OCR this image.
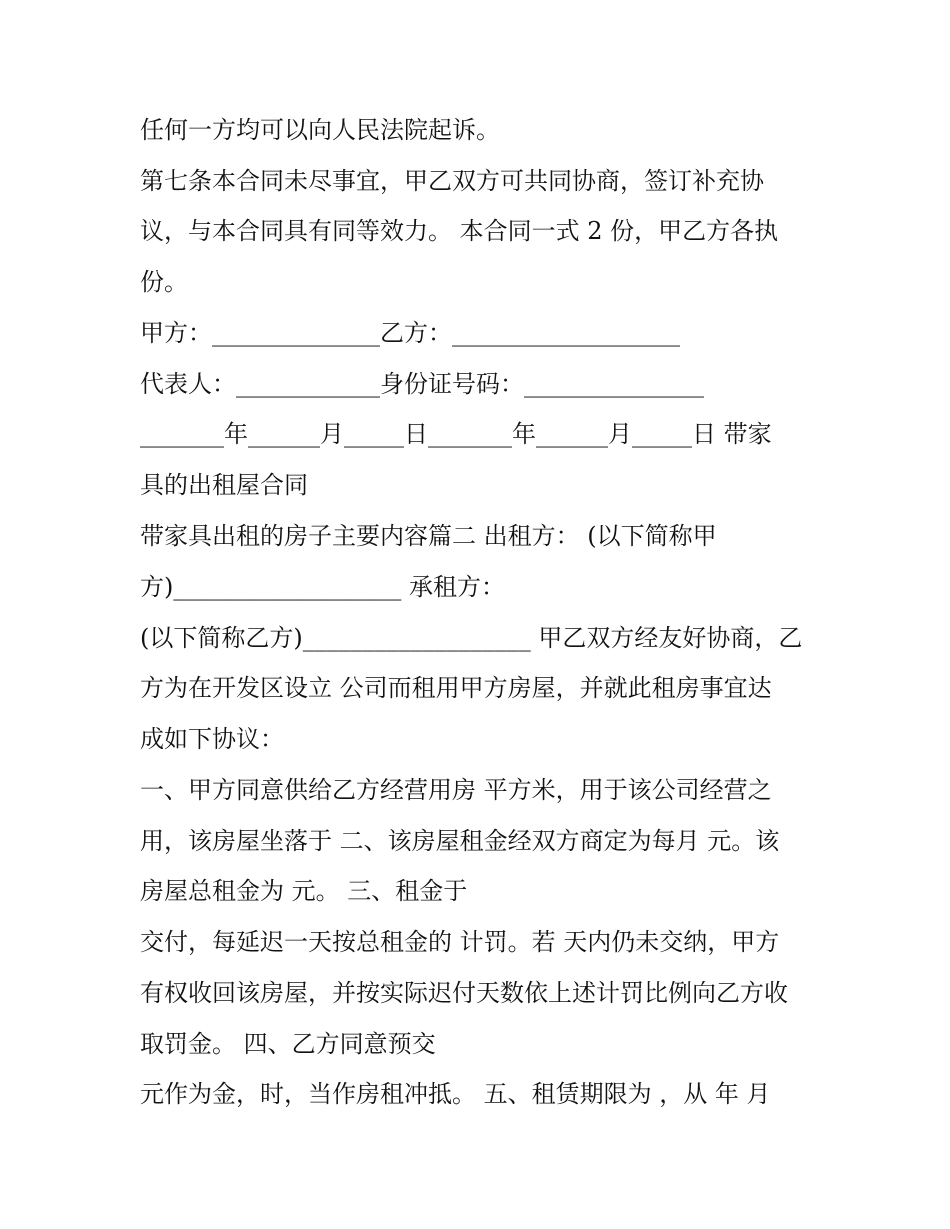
任何一方均可以向人民法院起诉。
第七条本合同未尽事宜，甲乙双方可共同协商，签订补充协
议，与本合同具有同等效力。 本合同一式 2 份，甲乙方各执
份。
甲方：______________乙方：___________________
代表人：____________身份证号码：_______________
_______年______月_____日_______年______月_____日 带家
具的出租屋合同
带家具出租的房子主要内容篇二 出租方： (以下简称甲
方)___________________ 承租方：
(以下简称乙方)___________________ 甲乙双方经友好协商，乙
方为在开发区设立 公司而租用甲方房屋，并就此租房事宜达
成如下协议：
一、甲方同意供给乙方经营用房 平方米，用于该公司经营之
用，该房屋坐落于 二、该房屋租金经双方商定为每月 元。该
房屋总租金为 元。 三、租金于
交付，每延迟一天按总租金的 计罚。若 天内仍未交纳，甲方
有权收回该房屋，并按实际迟付天数依上述计罚比例向乙方收
取罚金。 四、乙方同意预交
元作为金，时，当作房租冲抵。 五、租赁期限为 ，从 年 月
